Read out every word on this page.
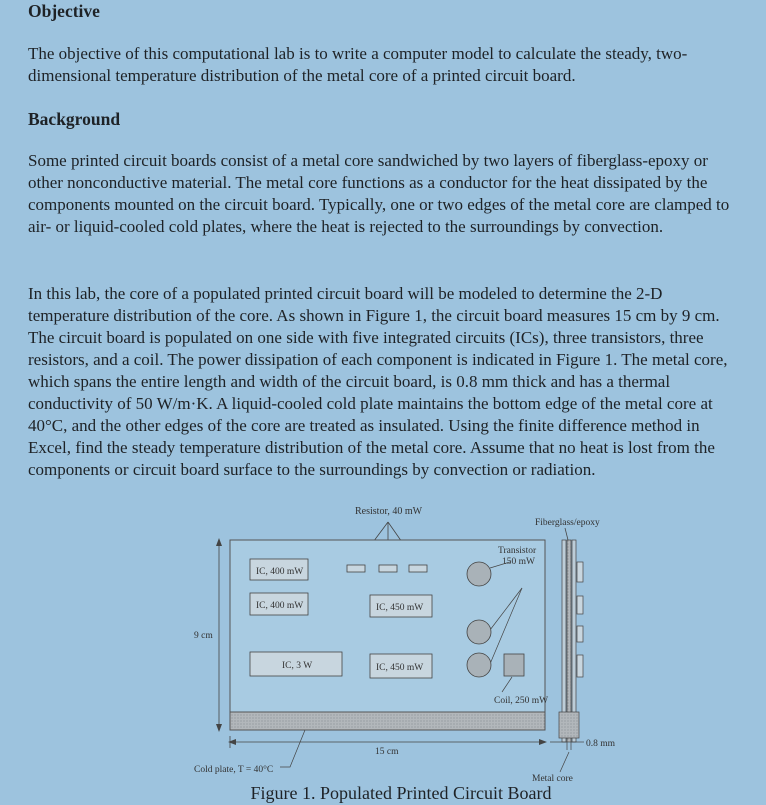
Objective

The objective of this computational lab is to write a computer model to calculate the steady, two-dimensional temperature distribution of the metal core of a printed circuit board.

Background

Some printed circuit boards consist of a metal core sandwiched by two layers of fiberglass-epoxy or other nonconductive material. The metal core functions as a conductor for the heat dissipated by the components mounted on the circuit board. Typically, one or two edges of the metal core are clamped to air- or liquid-cooled cold plates, where the heat is rejected to the surroundings by convection.

In this lab, the core of a populated printed circuit board will be modeled to determine the 2-D temperature distribution of the core. As shown in Figure 1, the circuit board measures 15 cm by 9 cm. The circuit board is populated on one side with five integrated circuits (ICs), three transistors, three resistors, and a coil. The power dissipation of each component is indicated in Figure 1. The metal core, which spans the entire length and width of the circuit board, is 0.8 mm thick and has a thermal conductivity of 50 W/m·K. A liquid-cooled cold plate maintains the bottom edge of the metal core at 40°C, and the other edges of the core are treated as insulated. Using the finite difference method in Excel, find the steady temperature distribution of the metal core. Assume that no heat is lost from the components or circuit board surface to the surroundings by convection or radiation.

Resistor, 40 mW
Fiberglass/epoxy
IC, 400 mW
IC, 400 mW	IC, 450 mW
IC, 3 W	IC, 450 mW
Transistor
150 mW
Coil, 250 mW
9 cm
15 cm
0.8 mm
Cold plate, T = 40°C
Metal core
Figure 1. Populated Printed Circuit Board
